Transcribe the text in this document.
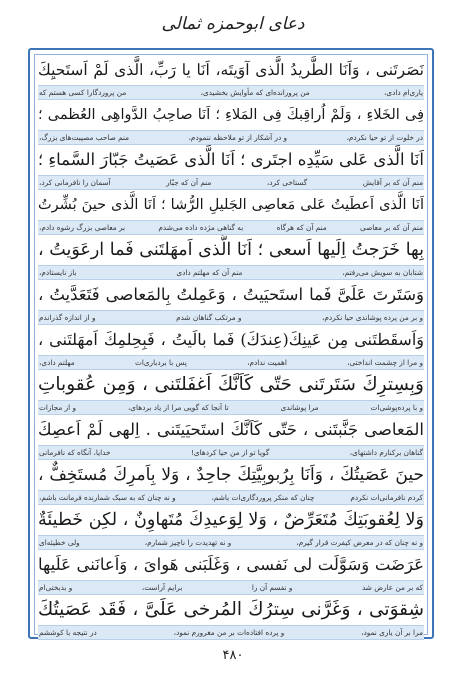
دعای ابوحمزه ثمالی
نَصَرتَنى ، وَاَنَا الطَّريدُ الَّذى آوَيتَه، اَنَا يا رَبِّ، الَّذى لَمْ اَستَحيِكَ
یاری‌ام دادی،
من پرورانده‌ای که مأوایش بخشیدی،
من پروردگارا کسی هستم که
فِى الخَلاءِ ، وَلَمْ اُراقِبكَ فِى المَلاءِ ؛ اَنَا صاحِبُ الدَّواهِى العُظمى ؛
در خلوت از تو حیا نکردم،
و در آشکار از تو ملاحظه ننمودم،
منم صاحب مصیبت‌های بزرگ،
اَنَا الَّذى عَلى سَيِّدِه اجتَرى ؛ اَنَا الَّذى عَصَيتُ جَبّارَ السَّماءِ ؛
منم آن که بر آقایش
گستاخی کرد،
منم آن که جبّار
آسمان را نافرمانی کرد،
اَنَا الَّذى اَعطَيتُ عَلى مَعاصِى الجَليلِ الرُّشا ؛ اَنَا الَّذى حينَ بُشِّرتُ
منم آن که بر معاصی
منم آن که هرگاه
به گناهی مژده داده می‌شدم
بر معاصی بزرگ رشوه دادم،
بِها خَرَجتُ اِلَيها اَسعى ؛ اَنَا الَّذى اَمهَلتَنى فَما ارعَوَيتُ ،
شتابان به سویش می‌رفتم،
منم آن که مهلتم دادی
باز نایستادم،
وَسَتَرتَ عَلَىَّ فَما استَحيَيتُ ، وَعَمِلتُ بِالمَعاصى فَتَعَدَّيتُ ،
و بر من پرده پوشاندی حیا نکردم،
و مرتکب گناهان شدم
و از اندازه گذراندم
وَاَسقَطتَنى مِن عَينِكَ(عِندَكَ) فَما بالَيتُ ، فَبِحِلمِكَ اَمهَلتَنى ،
و مرا از چشمت انداختی،
اهمیت ندادم،
پس با بردباری‌ات
مهلتم دادی،
وَبِسِترِكَ سَتَرتَنى حَتّى كَاَنَّكَ اَغفَلتَنى ، وَمِن عُقوباتِ
و با پرده‌پوشی‌ات
مرا پوشاندی
تا آنجا که گویی مرا از یاد بردهای،
و از مجازات
المَعاصى جَنَّبتَنى ، حَتّى كَاَنَّكَ استَحيَيتَنى . اِلهى لَمْ اَعصِكَ
گناهان برکنارم داشتهای،
گویا تو از من حیا کردهای!
خدایا، آنگاه که نافرمانی
حينَ عَصَيتُكَ ، وَاَنَا بِرُبوبِيَّتِكَ جاحِدٌ ، وَلا بِاَمرِكَ مُستَخِفٌّ ،
کردم نافرمانی‌ات نکردم
چنان که منکر پروردگاری‌ات باشم،
و نه چنان که به سبک شمارنده فرمانت باشم،
وَلا لِعُقوبَتِكَ مُتَعَرِّضٌ ، وَلا لِوَعيدِكَ مُتَهاوِنٌ ، لكِن خَطيئَةٌ
و نه چنان که در معرض کیفرت قرار گیرم،
و نه تهدیدت را ناچیز شمارم،
ولی خطیئه‌ای
عَرَضَت وَسَوَّلَت لى نَفسى ، وَغَلَبَنى هَواىَ ، وَاَعانَنى عَلَيها
که بر من عارض شد
و نفسم آن را
برایم آراست،
و بدبختی‌ام
شِقوَتى ، وَغَرَّنى سِترُكَ المُرخى عَلَىَّ ، فَقَد عَصَيتُكَ
مرا بر آن یاری نمود،
و پرده افتاده‌ات بر من مغرورم نمود،
در نتیجه با کوششم
۴۸۰
